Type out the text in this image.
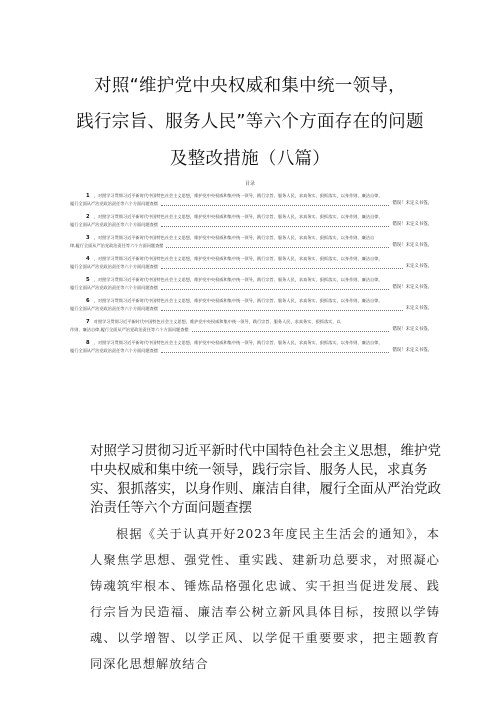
对照“维护党中央权威和集中统一领导，
践行宗旨、服务人民”等六个方面存在的问题
及整改措施（八篇）
目录
1 ，对照学习贯彻习近平新时代中国特色社会主义思想，维护党中央权威和集中统一领导，践行宗旨、服务人民，求真务实、狠抓落实，以身作则、廉洁自律，
履行全面从严治党政治责任等六个方面问题查摆	错误！未定义书签。
2 ，对照学习贯彻习近平新时代中国特色社会主义思想，维护党中央权威和集中统一领导，践行宗旨、服务人民，求真务实、狠抓落实，以身作则、廉洁自律，
履行全面从严治党政治责任等六个方面问题查摆	错误！未定义书签。
3 ，对照学习贯彻习近平新时代中国特色社会主义思想，维护党中央权威和集中统一领导，践行宗旨、服务人民，求真务实、狠抓落实，以身作则、廉洁自
律,履行全面从严治党政治责任等六个方面问题查摆	错误！未定义书签。
4 ，对照学习贯彻习近平新时代中国特色社会主义思想，维护党中央权威和集中统一领导，践行宗旨、服务人民，求真务实、狠抓落实，以身作则、廉洁自律，
履行全面从严治党政治责任等六个方面问题查摆	未定义书签。
5 ，对照学习贯彻习近平新时代中国特色社会主义思想，维护党中央权威和集中统一领导，践行宗旨、服务人民，求真务实、狠抓落实，以身作则、廉洁自律，
履行全面从严治党政治责任等六个方面问题查摆	错误！未定义书签。
6 ，对照学习贯彻习近平新时代中国特色社会主义思想，维护党中央权威和集中统一领导，践行宗旨、服务人民，求真务实、狠抓落实，以身作则、廉洁自律，
履行全面从严治党政治责任等六个方面问题查摆	未定义书签。
7 对照学习贯彻习近平新时代中国特色社会主义思想，维护党中央权威和集中统一领导，践行宗旨、服务人民，求真务实、狠抓落实，以
作则、廉洁自律,履行全面从严治党政治责任等六个方面问题查摆	错误！未定义书签。
8 ，对照学习贯彻习近平新时代中国特色社会主义思想，维护党中央权威和集中统一领导，践行宗旨、服务人民，求真务实、狠抓落实，以身作则、廉洁自律，
履行全面从严治党政治责任等六个方面问题查摆	错误！未定义书签。
对照学习贯彻习近平新时代中国特色社会主义思想，维护党中央权威和集中统一领导，践行宗旨、服务人民，求真务实、狠抓落实，以身作则、廉洁自律，履行全面从严治党政治责任等六个方面问题查摆

根据《关于认真开好2023年度民主生活会的通知》，本人聚焦学思想、强党性、重实践、建新功总要求，对照凝心铸魂筑牢根本、锤炼品格强化忠诚、实干担当促进发展、践行宗旨为民造福、廉洁奉公树立新风具体目标，按照以学铸魂、以学增智、以学正风、以学促干重要要求，把主题教育同深化思想解放结合
